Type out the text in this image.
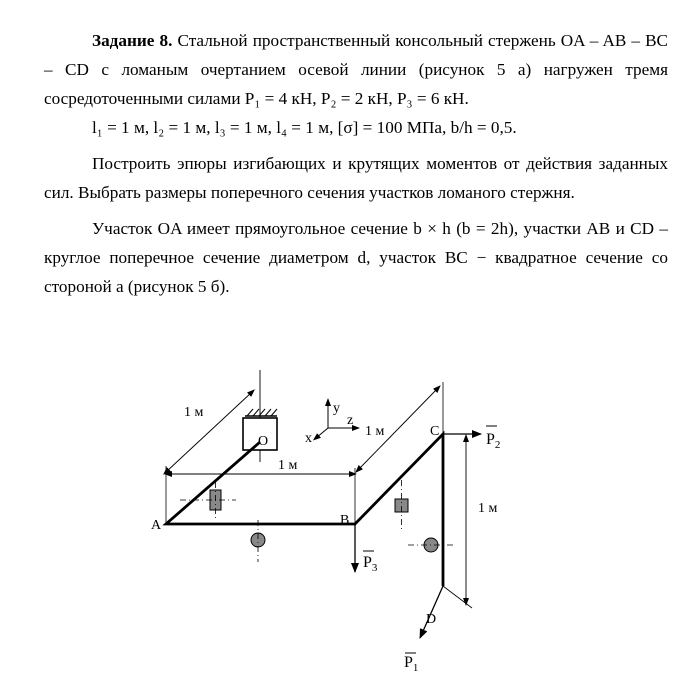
Задание 8. Стальной пространственный консольный стержень OA – AB – BC – CD с ломаным очертанием осевой линии (рисунок 5 а) нагружен тремя сосредоточенными силами P₁ = 4 кН, P₂ = 2 кН, P₃ = 6 кН.

l₁ = 1 м, l₂ = 1 м, l₃ = 1 м, l₄ = 1 м, [σ] = 100 МПа, b/h = 0,5.

Построить эпюры изгибающих и крутящих моментов от действия заданных сил. Выбрать размеры поперечного сечения участков ломаного стержня.

Участок OA имеет прямоугольное сечение b × h (b = 2h), участки AB и CD – круглое поперечное сечение диаметром d, участок BC − квадратное сечение со стороной a (рисунок 5 б).

1 м
1 м
1 м
1 м
y
z
x	$P_2$
$P_3$
$P_1$
O
A	B
C
D
